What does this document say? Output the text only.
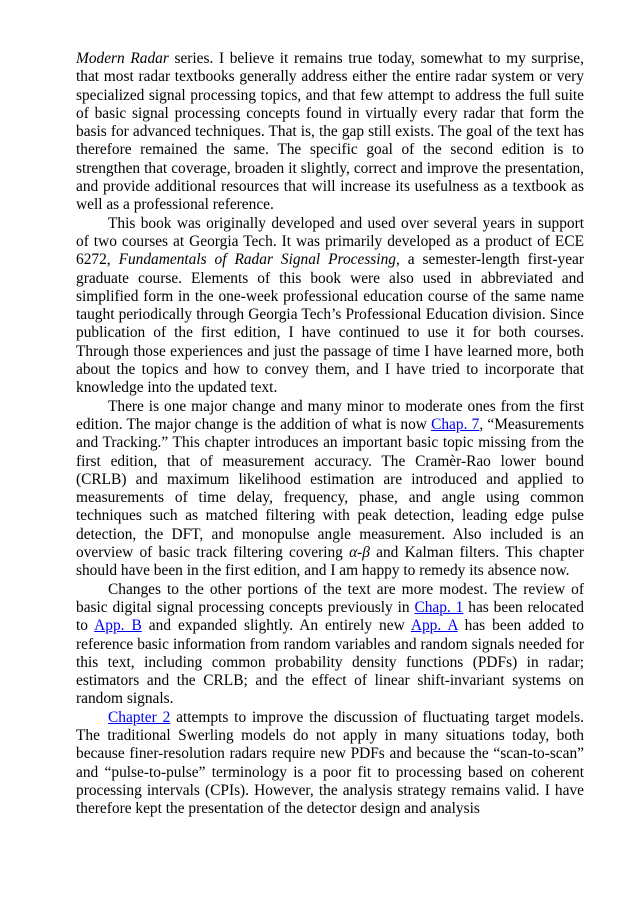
Modern Radar series. I believe it remains true today, somewhat to my surprise, that most radar textbooks generally address either the entire radar system or very specialized signal processing topics, and that few attempt to address the full suite of basic signal processing concepts found in virtually every radar that form the basis for advanced techniques. That is, the gap still exists. The goal of the text has therefore remained the same. The specific goal of the second edition is to strengthen that coverage, broaden it slightly, correct and improve the presentation, and provide additional resources that will increase its usefulness as a textbook as well as a professional reference.

This book was originally developed and used over several years in support of two courses at Georgia Tech. It was primarily developed as a product of ECE 6272, Fundamentals of Radar Signal Processing, a semester-length first-year graduate course. Elements of this book were also used in abbreviated and simplified form in the one-week professional education course of the same name taught periodically through Georgia Tech’s Professional Education division. Since publication of the first edition, I have continued to use it for both courses. Through those experiences and just the passage of time I have learned more, both about the topics and how to convey them, and I have tried to incorporate that knowledge into the updated text.

There is one major change and many minor to moderate ones from the first edition. The major change is the addition of what is now Chap. 7, “Measurements and Tracking.” This chapter introduces an important basic topic missing from the first edition, that of measurement accuracy. The Cramèr-Rao lower bound (CRLB) and maximum likelihood estimation are introduced and applied to measurements of time delay, frequency, phase, and angle using common techniques such as matched filtering with peak detection, leading edge pulse detection, the DFT, and monopulse angle measurement. Also included is an overview of basic track filtering covering α-β and Kalman filters. This chapter should have been in the first edition, and I am happy to remedy its absence now.

Changes to the other portions of the text are more modest. The review of basic digital signal processing concepts previously in Chap. 1 has been relocated to App. B and expanded slightly. An entirely new App. A has been added to reference basic information from random variables and random signals needed for this text, including common probability density functions (PDFs) in radar; estimators and the CRLB; and the effect of linear shift-invariant systems on random signals.

Chapter 2 attempts to improve the discussion of fluctuating target models. The traditional Swerling models do not apply in many situations today, both because finer-resolution radars require new PDFs and because the “scan-to-scan” and “pulse-to-pulse” terminology is a poor fit to processing based on coherent processing intervals (CPIs). However, the analysis strategy remains valid. I have therefore kept the presentation of the detector design and analysis
